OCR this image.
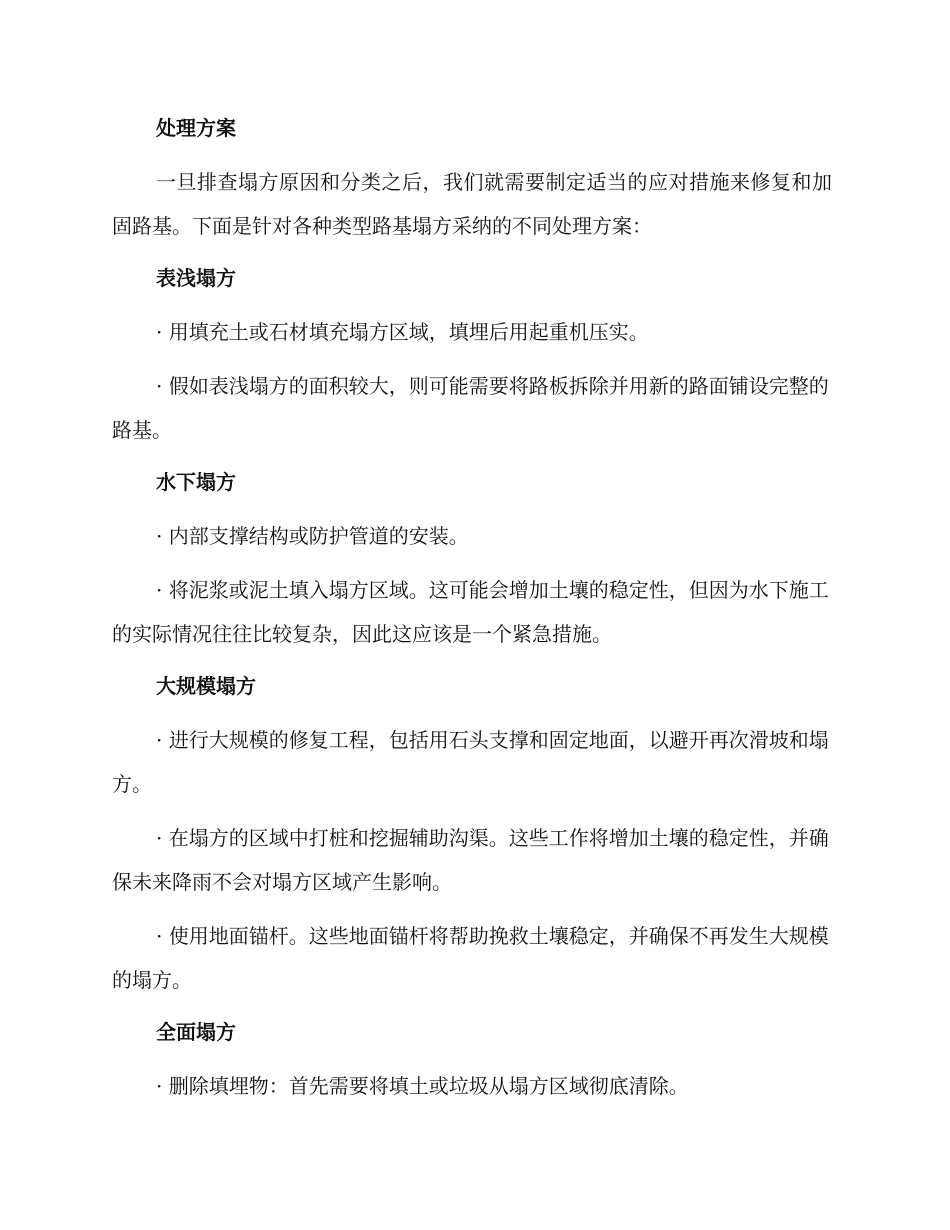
处理方案
一旦排查塌方原因和分类之后，我们就需要制定适当的应对措施来修复和加固路基。下面是针对各种类型路基塌方采纳的不同处理方案：
表浅塌方
· 用填充土或石材填充塌方区域，填埋后用起重机压实。
· 假如表浅塌方的面积较大，则可能需要将路板拆除并用新的路面铺设完整的路基。
水下塌方
· 内部支撑结构或防护管道的安装。
· 将泥浆或泥土填入塌方区域。这可能会增加土壤的稳定性，但因为水下施工的实际情况往往比较复杂，因此这应该是一个紧急措施。
大规模塌方
· 进行大规模的修复工程，包括用石头支撑和固定地面，以避开再次滑坡和塌方。
· 在塌方的区域中打桩和挖掘辅助沟渠。这些工作将增加土壤的稳定性，并确保未来降雨不会对塌方区域产生影响。
· 使用地面锚杆。这些地面锚杆将帮助挽救土壤稳定，并确保不再发生大规模的塌方。
全面塌方
· 删除填埋物：首先需要将填土或垃圾从塌方区域彻底清除。
